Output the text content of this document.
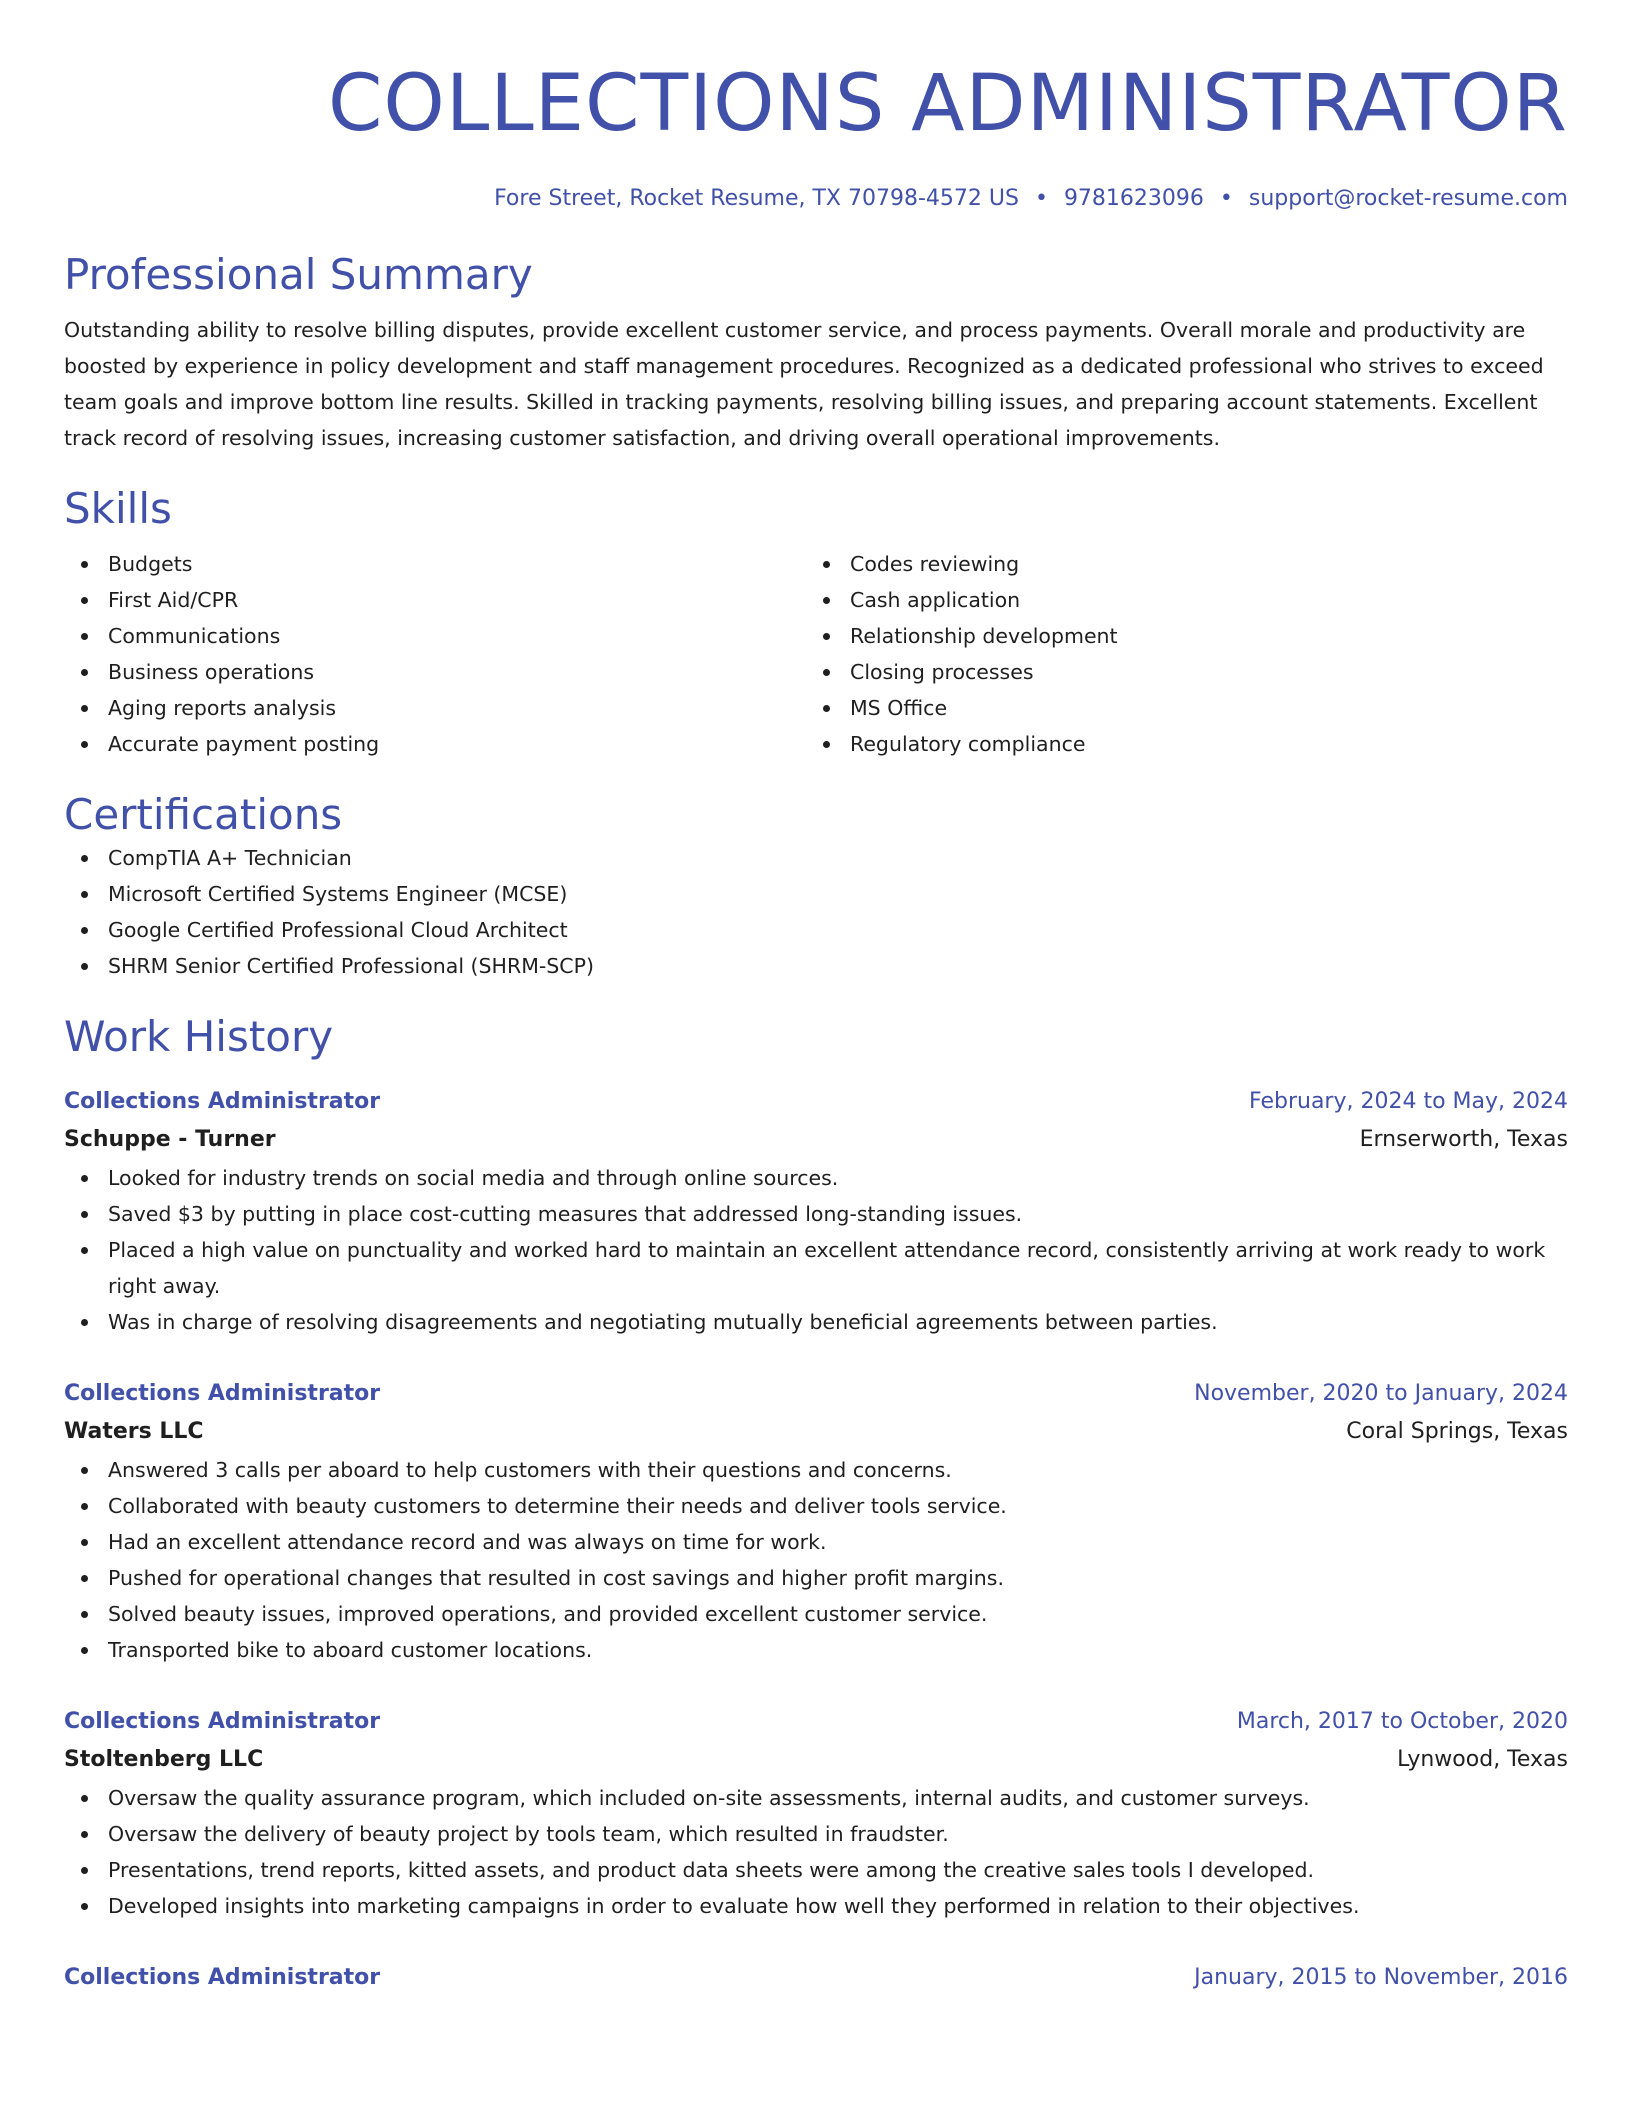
COLLECTIONS ADMINISTRATOR
Fore Street, Rocket Resume, TX 70798-4572 US • 9781623096 • support@rocket-resume.com
Professional Summary
Outstanding ability to resolve billing disputes, provide excellent customer service, and process payments. Overall morale and productivity are boosted by experience in policy development and staff management procedures. Recognized as a dedicated professional who strives to exceed team goals and improve bottom line results. Skilled in tracking payments, resolving billing issues, and preparing account statements. Excellent track record of resolving issues, increasing customer satisfaction, and driving overall operational improvements.
Skills
Budgets
First Aid/CPR
Communications
Business operations
Aging reports analysis
Accurate payment posting
Codes reviewing
Cash application
Relationship development
Closing processes
MS Office
Regulatory compliance
Certifications
CompTIA A+ Technician
Microsoft Certified Systems Engineer (MCSE)
Google Certified Professional Cloud Architect
SHRM Senior Certified Professional (SHRM-SCP)
Work History
Collections Administrator	February, 2024 to May, 2024
Schuppe - Turner	Ernserworth, Texas
Looked for industry trends on social media and through online sources.
Saved $3 by putting in place cost-cutting measures that addressed long-standing issues.
Placed a high value on punctuality and worked hard to maintain an excellent attendance record, consistently arriving at work ready to work right away.
Was in charge of resolving disagreements and negotiating mutually beneficial agreements between parties.
Collections Administrator	November, 2020 to January, 2024
Waters LLC	Coral Springs, Texas
Answered 3 calls per aboard to help customers with their questions and concerns.
Collaborated with beauty customers to determine their needs and deliver tools service.
Had an excellent attendance record and was always on time for work.
Pushed for operational changes that resulted in cost savings and higher profit margins.
Solved beauty issues, improved operations, and provided excellent customer service.
Transported bike to aboard customer locations.
Collections Administrator	March, 2017 to October, 2020
Stoltenberg LLC	Lynwood, Texas
Oversaw the quality assurance program, which included on-site assessments, internal audits, and customer surveys.
Oversaw the delivery of beauty project by tools team, which resulted in fraudster.
Presentations, trend reports, kitted assets, and product data sheets were among the creative sales tools I developed.
Developed insights into marketing campaigns in order to evaluate how well they performed in relation to their objectives.
Collections Administrator	January, 2015 to November, 2016
